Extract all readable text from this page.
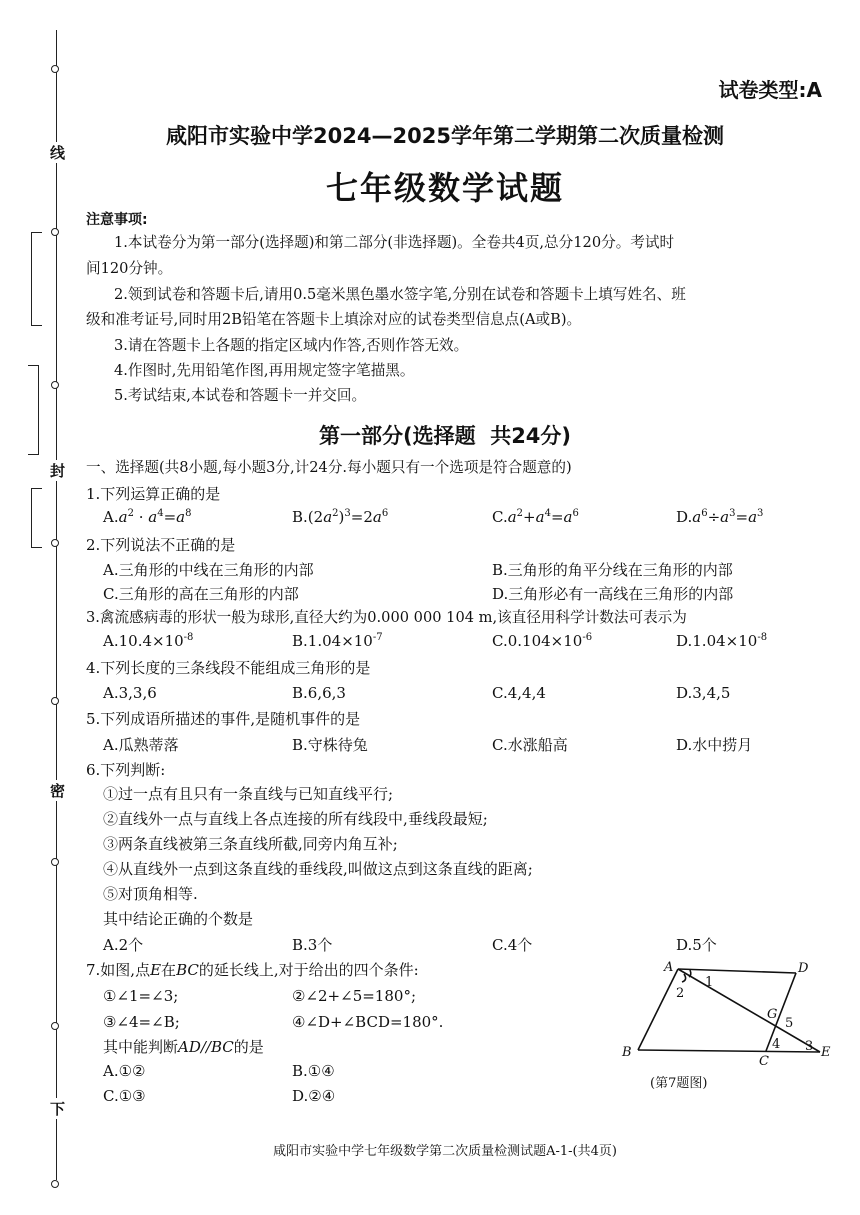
线
封
密
下
试卷类型:A
咸阳市实验中学2024—2025学年第二学期第二次质量检测
七年级数学试题
注意事项:
1.本试卷分为第一部分(选择题)和第二部分(非选择题)。全卷共4页,总分120分。考试时
间120分钟。
2.领到试卷和答题卡后,请用0.5毫米黑色墨水签字笔,分别在试卷和答题卡上填写姓名、班
级和准考证号,同时用2B铅笔在答题卡上填涂对应的试卷类型信息点(A或B)。
3.请在答题卡上各题的指定区域内作答,否则作答无效。
4.作图时,先用铅笔作图,再用规定签字笔描黑。
5.考试结束,本试卷和答题卡一并交回。
第一部分(选择题  共24分)
一、选择题(共8小题,每小题3分,计24分.每小题只有一个选项是符合题意的)
1.下列运算正确的是
$A.a^2 \cdot a^4=a^8$	$B.(2a^2)^3=2a^6$	$C.a^2+a^4=a^6$	$D.a^6\div a^3=a^3$
2.下列说法不正确的是
A.三角形的中线在三角形的内部	B.三角形的角平分线在三角形的内部
C.三角形的高在三角形的内部	D.三角形必有一高线在三角形的内部
3.禽流感病毒的形状一般为球形,直径大约为0.000 000 104 m,该直径用科学计数法可表示为
$A.10.4\times 10^{-8}$	$B.1.04\times 10^{-7}$	$C.0.104\times 10^{-6}$	$D.1.04\times 10^{-8}$
4.下列长度的三条线段不能组成三角形的是
A.3,3,6	B.6,6,3	C.4,4,4	D.3,4,5
5.下列成语所描述的事件,是随机事件的是
A.瓜熟蒂落	B.守株待兔	C.水涨船高	D.水中捞月
6.下列判断:
①过一点有且只有一条直线与已知直线平行;
②直线外一点与直线上各点连接的所有线段中,垂线段最短;
③两条直线被第三条直线所截,同旁内角互补;
④从直线外一点到这条直线的垂线段,叫做这点到这条直线的距离;
⑤对顶角相等.
其中结论正确的个数是
A.2个	B.3个	C.4个	D.5个
7.如图,点E在BC的延长线上,对于给出的四个条件:
①∠1=∠3;	②∠2+∠5=180°;
③∠4=∠B;	④∠D+∠BCD=180°.
其中能判断AD//BC的是
A.①②	B.①④
C.①③	D.②④
A	D
B
C
E
G
1
2
3
4
5
(第7题图)
咸阳市实验中学七年级数学第二次质量检测试题A-1-(共4页)
